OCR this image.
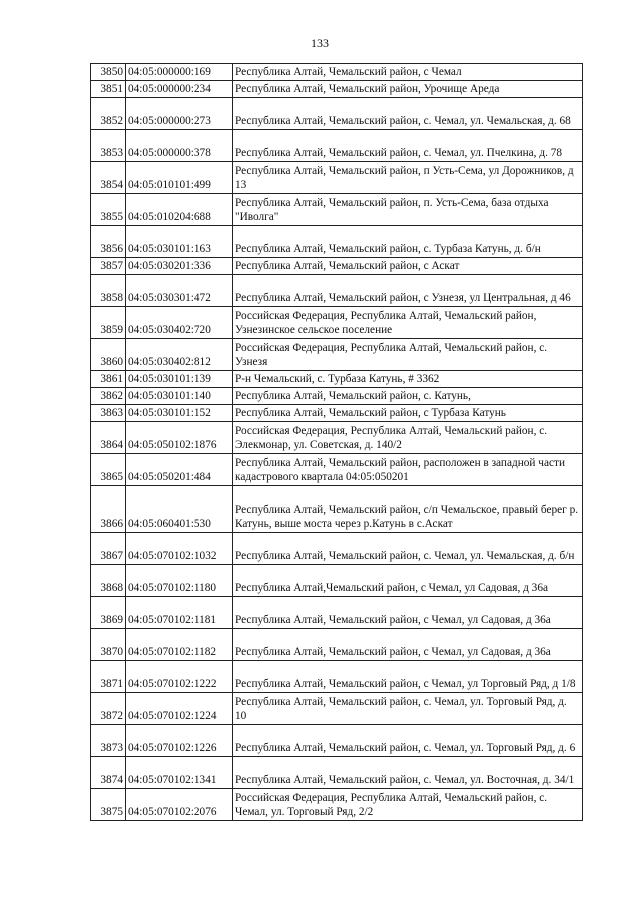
133
3850	04:05:000000:169	Республика Алтай, Чемальский район, с Чемал
3851	04:05:000000:234	Республика Алтай, Чемальский район, Урочище Ареда
3852	04:05:000000:273	Республика Алтай, Чемальский район, с. Чемал, ул. Чемальская, д. 68
3853	04:05:000000:378	Республика Алтай, Чемальский район, с. Чемал, ул. Пчелкина, д. 78
3854	04:05:010101:499	Республика Алтай, Чемальский район, п Усть-Сема, ул Дорожников, д 13
3855	04:05:010204:688	Республика Алтай, Чемальский район, п. Усть-Сема, база отдыха "Иволга"
3856	04:05:030101:163	Республика Алтай, Чемальский район, с. Турбаза Катунь, д. б/н
3857	04:05:030201:336	Республика Алтай, Чемальский район, с Аскат
3858	04:05:030301:472	Республика Алтай, Чемальский район, с Узнезя, ул Центральная, д 46
3859	04:05:030402:720	Российская Федерация, Республика Алтай, Чемальский район, Узнезинское сельское поселение
3860	04:05:030402:812	Российская Федерация, Республика Алтай, Чемальский район, с. Узнезя
3861	04:05:030101:139	Р-н Чемальский, с. Турбаза Катунь, # 3362
3862	04:05:030101:140	Республика Алтай, Чемальский район, с. Катунь,
3863	04:05:030101:152	Республика Алтай, Чемальский район, с Турбаза Катунь
3864	04:05:050102:1876	Российская Федерация, Республика Алтай, Чемальский район, с. Элекмонар, ул. Советская, д. 140/2
3865	04:05:050201:484	Республика Алтай, Чемальский район, расположен в западной части кадастрового квартала 04:05:050201
3866	04:05:060401:530	Республика Алтай, Чемальский район, с/п Чемальское, правый берег р. Катунь, выше моста через р.Катунь в с.Аскат
3867	04:05:070102:1032	Республика Алтай, Чемальский район, с. Чемал, ул. Чемальская, д. б/н
3868	04:05:070102:1180	Республика Алтай,Чемальский район, с Чемал, ул Садовая, д 36а
3869	04:05:070102:1181	Республика Алтай, Чемальский район, с Чемал, ул Садовая, д 36а
3870	04:05:070102:1182	Республика Алтай, Чемальский район, с Чемал, ул Садовая, д 36а
3871	04:05:070102:1222	Республика Алтай, Чемальский район, с Чемал, ул Торговый Ряд, д 1/8
3872	04:05:070102:1224	Республика Алтай, Чемальский район, с. Чемал, ул. Торговый Ряд, д. 10
3873	04:05:070102:1226	Республика Алтай, Чемальский район, с. Чемал, ул. Торговый Ряд, д. 6
3874	04:05:070102:1341	Республика Алтай, Чемальский район, с. Чемал, ул. Восточная, д. 34/1
3875	04:05:070102:2076	Российская Федерация, Республика Алтай, Чемальский район, с. Чемал, ул. Торговый Ряд, 2/2
